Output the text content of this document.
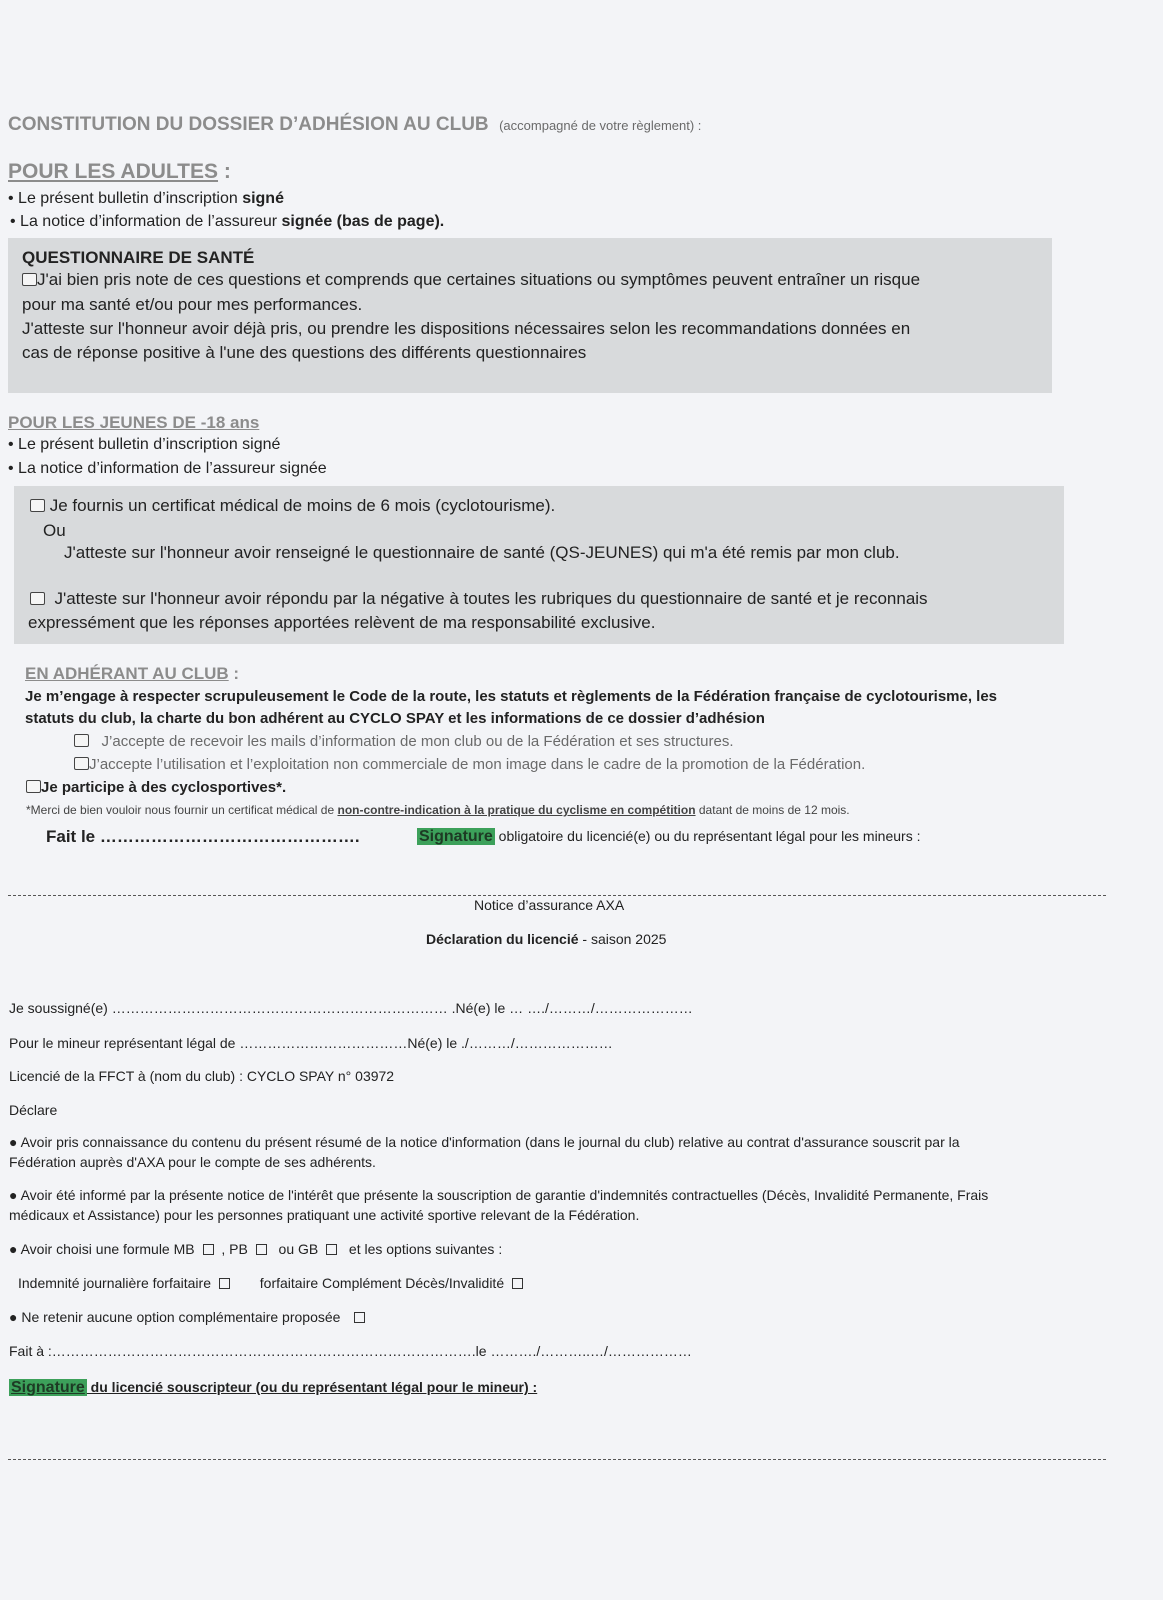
CONSTITUTION DU DOSSIER D’ADHÉSION AU CLUB (accompagné de votre règlement) :
POUR LES ADULTES :
• Le présent bulletin d’inscription signé
• La notice d’information de l’assureur signée (bas de page).
QUESTIONNAIRE DE SANTÉ
J'ai bien pris note de ces questions et comprends que certaines situations ou symptômes peuvent entraîner un risque
pour ma santé et/ou pour mes performances.
J'atteste sur l'honneur avoir déjà pris, ou prendre les dispositions nécessaires selon les recommandations données en
cas de réponse positive à l'une des questions des différents questionnaires
POUR LES JEUNES DE -18 ans
• Le présent bulletin d’inscription signé
• La notice d’information de l’assureur signée
Je fournis un certificat médical de moins de 6 mois (cyclotourisme).
Ou
J'atteste sur l'honneur avoir renseigné le questionnaire de santé (QS-JEUNES) qui m'a été remis par mon club.
J'atteste sur l'honneur avoir répondu par la négative à toutes les rubriques du questionnaire de santé et je reconnais
expressément que les réponses apportées relèvent de ma responsabilité exclusive.
EN ADHÉRANT AU CLUB :
Je m’engage à respecter scrupuleusement le Code de la route, les statuts et règlements de la Fédération française de cyclotourisme, les
statuts du club, la charte du bon adhérent au CYCLO SPAY et les informations de ce dossier d’adhésion
J’accepte de recevoir les mails d’information de mon club ou de la Fédération et ses structures.
J’accepte l’utilisation et l’exploitation non commerciale de mon image dans le cadre de la promotion de la Fédération.
Je participe à des cyclosportives*.
*Merci de bien vouloir nous fournir un certificat médical de non-contre-indication à la pratique du cyclisme en compétition datant de moins de 12 mois.
Fait le ……………………………………….	Signature obligatoire du licencié(e) ou du représentant légal pour les mineurs :
Notice d’assurance AXA
Déclaration du licencié - saison 2025
Je soussigné(e) ……………………………………………………………… .Né(e) le … …./………/…………………
Pour le mineur représentant légal de ………………………………Né(e) le ./………/…………………
Licencié de la FFCT à (nom du club) : CYCLO SPAY n° 03972
Déclare
● Avoir pris connaissance du contenu du présent résumé de la notice d'information (dans le journal du club) relative au contrat d'assurance souscrit par la
Fédération auprès d'AXA pour le compte de ses adhérents.
● Avoir été informé par la présente notice de l'intérêt que présente la souscription de garantie d'indemnités contractuelles (Décès, Invalidité Permanente, Frais
médicaux et Assistance) pour les personnes pratiquant une activité sportive relevant de la Fédération.
● Avoir choisi une formule MB , PB ou GB et les options suivantes :
Indemnité journalière forfaitaire	forfaitaire Complément Décès/Invalidité
● Ne retenir aucune option complémentaire proposée
Fait à :……………………………………………………………………………….le ………./………..…/………………
Signature du licencié souscripteur (ou du représentant légal pour le mineur) :
